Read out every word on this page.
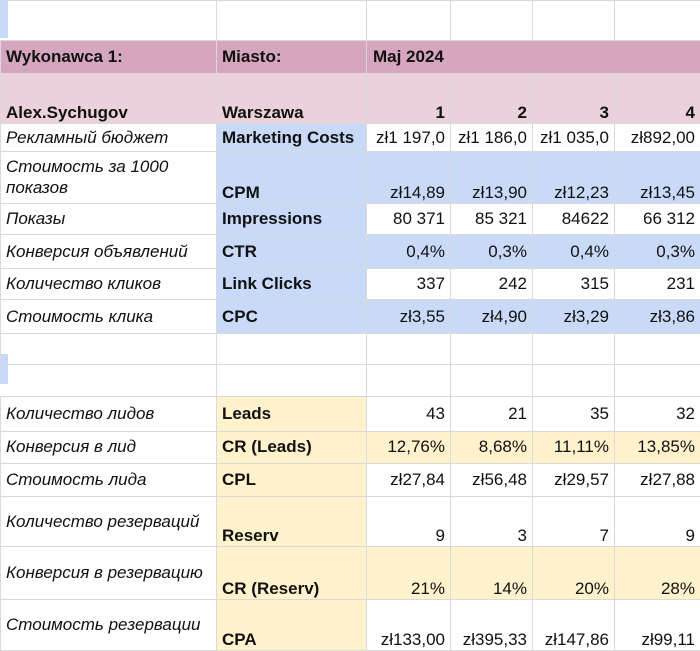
Wykonawca 1:	Miasto:	Maj 2024			
Alex.Sychugov	Warszawa	1	2	3	4
Рекламный бюджет	Marketing Costs	zł1 197,0	zł1 186,0	zł1 035,0	zł892,00
Стоимость за 1000 показов	CPM	zł14,89	zł13,90	zł12,23	zł13,45
Показы	Impressions	80 371	85 321	84622	66 312
Конверсия объявлений	CTR	0,4%	0,3%	0,4%	0,3%
Количество кликов	Link Clicks	337	242	315	231
Стоимость клика	CPC	zł3,55	zł4,90	zł3,29	zł3,86

Количество лидов	Leads	43	21	35	32
Конверсия в лид	CR (Leads)	12,76%	8,68%	11,11%	13,85%
Стоимость лида	CPL	zł27,84	zł56,48	zł29,57	zł27,88
Количество резерваций	Reserv	9	3	7	9
Конверсия в резервацию	CR (Reserv)	21%	14%	20%	28%
Стоимость резервации	CPA	zł133,00	zł395,33	zł147,86	zł99,11
